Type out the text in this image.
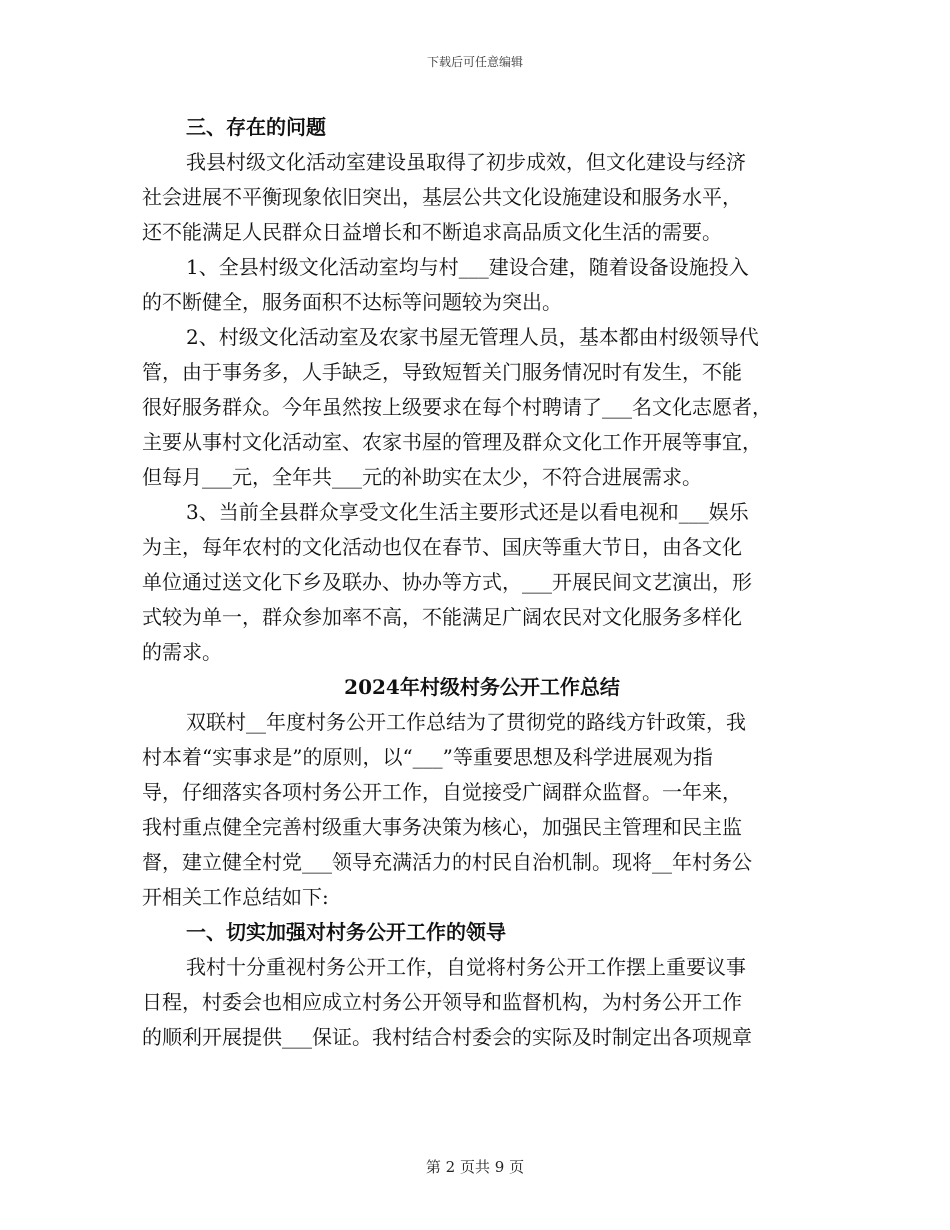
下载后可任意编辑
三、存在的问题
我县村级文化活动室建设虽取得了初步成效，但文化建设与经济
社会进展不平衡现象依旧突出，基层公共文化设施建设和服务水平，
还不能满足人民群众日益增长和不断追求高品质文化生活的需要。
1、全县村级文化活动室均与村___建设合建，随着设备设施投入
的不断健全，服务面积不达标等问题较为突出。
2、村级文化活动室及农家书屋无管理人员，基本都由村级领导代
管，由于事务多，人手缺乏，导致短暂关门服务情况时有发生，不能
很好服务群众。今年虽然按上级要求在每个村聘请了___名文化志愿者，
主要从事村文化活动室、农家书屋的管理及群众文化工作开展等事宜，
但每月___元，全年共___元的补助实在太少，不符合进展需求。
3、当前全县群众享受文化生活主要形式还是以看电视和___娱乐
为主，每年农村的文化活动也仅在春节、国庆等重大节日，由各文化
单位通过送文化下乡及联办、协办等方式，___开展民间文艺演出，形
式较为单一，群众参加率不高，不能满足广阔农民对文化服务多样化
的需求。
2024年村级村务公开工作总结
双联村__年度村务公开工作总结为了贯彻党的路线方针政策，我
村本着“实事求是”的原则，以“___”等重要思想及科学进展观为指
导，仔细落实各项村务公开工作，自觉接受广阔群众监督。一年来，
我村重点健全完善村级重大事务决策为核心，加强民主管理和民主监
督，建立健全村党___领导充满活力的村民自治机制。现将__年村务公
开相关工作总结如下:
一、切实加强对村务公开工作的领导
我村十分重视村务公开工作，自觉将村务公开工作摆上重要议事
日程，村委会也相应成立村务公开领导和监督机构，为村务公开工作
的顺利开展提供___保证。我村结合村委会的实际及时制定出各项规章
第 2 页共 9 页
